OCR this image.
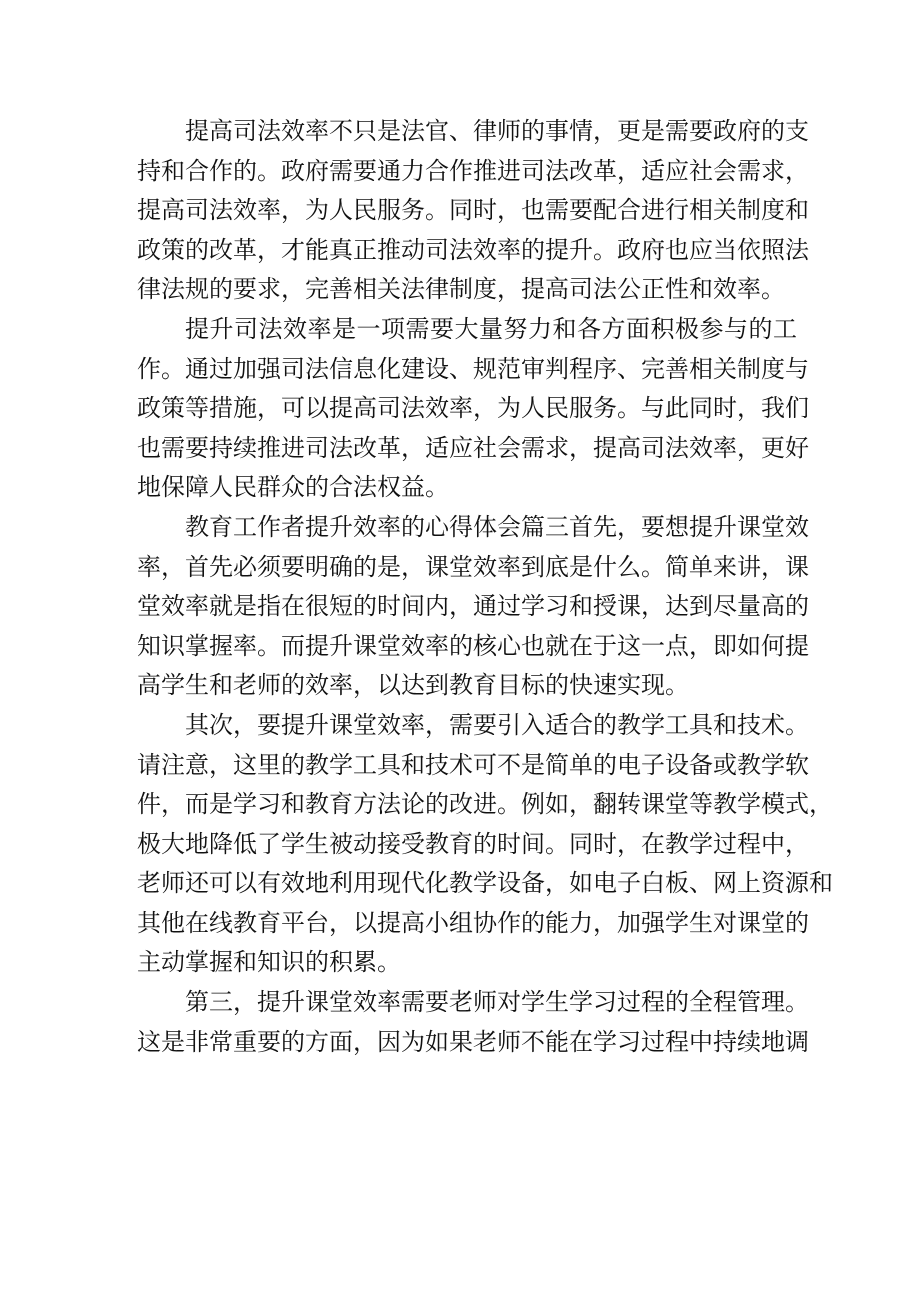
提高司法效率不只是法官、律师的事情，更是需要政府的支
持和合作的。政府需要通力合作推进司法改革，适应社会需求，
提高司法效率，为人民服务。同时，也需要配合进行相关制度和
政策的改革，才能真正推动司法效率的提升。政府也应当依照法
律法规的要求，完善相关法律制度，提高司法公正性和效率。
提升司法效率是一项需要大量努力和各方面积极参与的工
作。通过加强司法信息化建设、规范审判程序、完善相关制度与
政策等措施，可以提高司法效率，为人民服务。与此同时，我们
也需要持续推进司法改革，适应社会需求，提高司法效率，更好
地保障人民群众的合法权益。
教育工作者提升效率的心得体会篇三首先，要想提升课堂效
率，首先必须要明确的是，课堂效率到底是什么。简单来讲，课
堂效率就是指在很短的时间内，通过学习和授课，达到尽量高的
知识掌握率。而提升课堂效率的核心也就在于这一点，即如何提
高学生和老师的效率，以达到教育目标的快速实现。
其次，要提升课堂效率，需要引入适合的教学工具和技术。
请注意，这里的教学工具和技术可不是简单的电子设备或教学软
件，而是学习和教育方法论的改进。例如，翻转课堂等教学模式，
极大地降低了学生被动接受教育的时间。同时，在教学过程中，
老师还可以有效地利用现代化教学设备，如电子白板、网上资源和
其他在线教育平台，以提高小组协作的能力，加强学生对课堂的
主动掌握和知识的积累。
第三，提升课堂效率需要老师对学生学习过程的全程管理。
这是非常重要的方面，因为如果老师不能在学习过程中持续地调
